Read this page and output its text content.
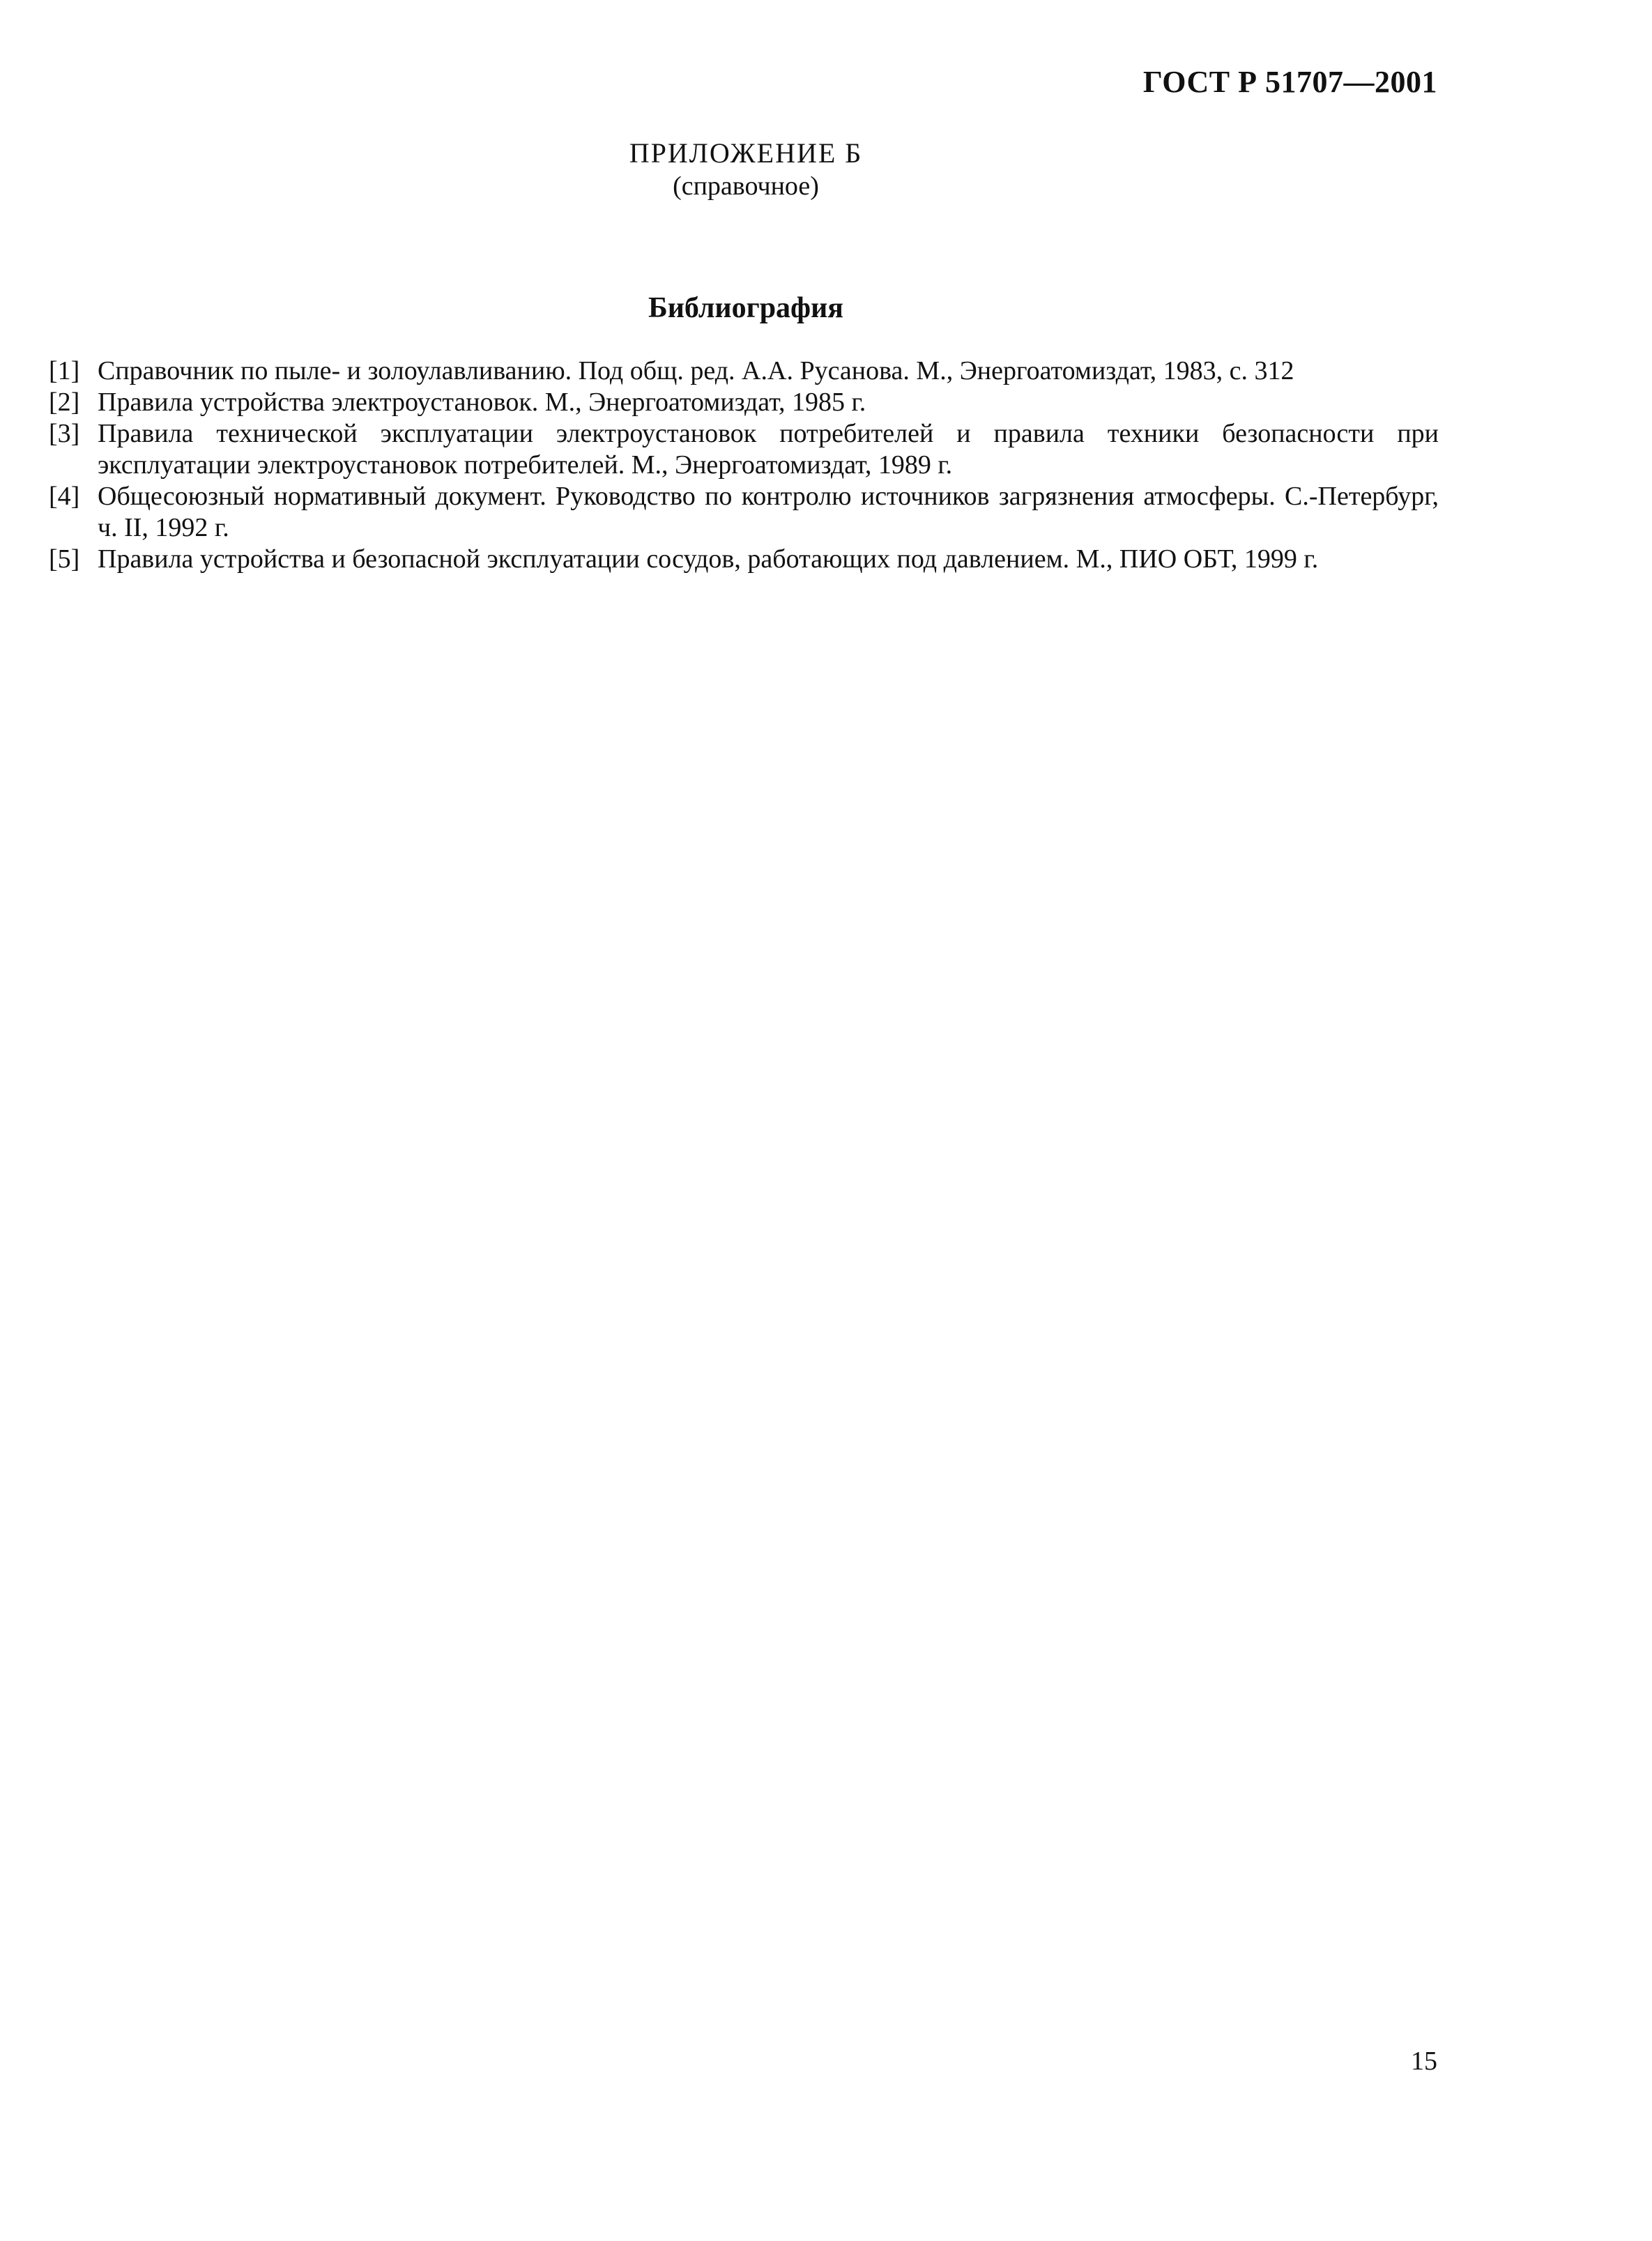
ГОСТ Р 51707—2001
ПРИЛОЖЕНИЕ Б
(справочное)
Библиография
[1] Справочник по пыле- и золоулавливанию. Под общ. ред. А.А. Русанова. М., Энергоатомиздат, 1983, с. 312
[2] Правила устройства электроустановок. М., Энергоатомиздат, 1985 г.
[3] Правила технической эксплуатации электроустановок потребителей и правила техники безопасности при эксплуатации электроустановок потребителей. М., Энергоатомиздат, 1989 г.
[4] Общесоюзный нормативный документ. Руководство по контролю источников загрязнения атмосферы. С.-Петербург, ч. II, 1992 г.
[5] Правила устройства и безопасной эксплуатации сосудов, работающих под давлением. М., ПИО ОБТ, 1999 г.
15
